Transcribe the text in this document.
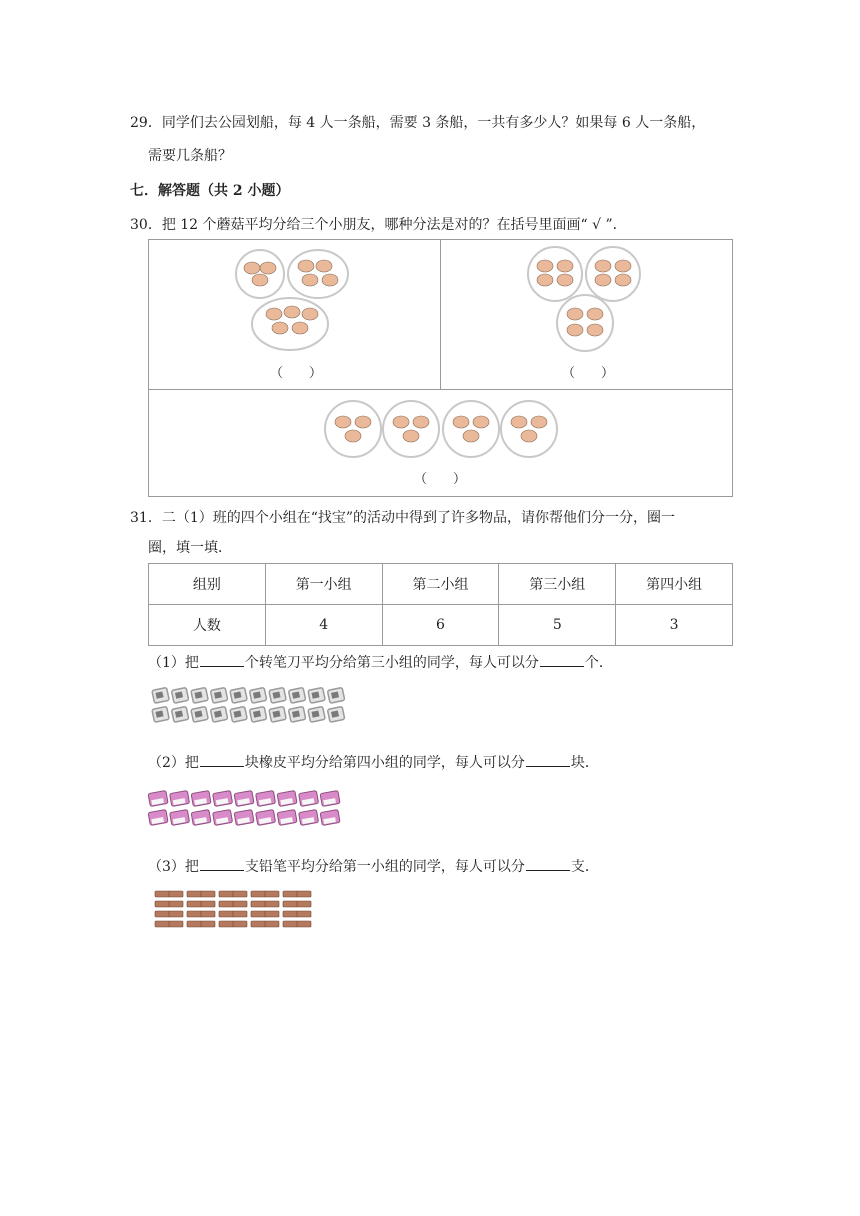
29．同学们去公园划船，每 4 人一条船，需要 3 条船，一共有多少人？如果每 6 人一条船，
需要几条船？
七．解答题（共 2 小题）
30．把 12 个蘑菇平均分给三个小朋友，哪种分法是对的？在括号里面画“ √ ”．
（　　）	（　　）
（　　）
31．二（1）班的四个小组在“找宝”的活动中得到了许多物品，请你帮他们分一分，圈一
圈，填一填．
组别	第一小组	第二小组	第三小组	第四小组
人数	4	6	5	3
（1）把	个转笔刀平均分给第三小组的同学，每人可以分	个．
（2）把	块橡皮平均分给第四小组的同学，每人可以分	块．
（3）把	支铅笔平均分给第一小组的同学，每人可以分	支．
